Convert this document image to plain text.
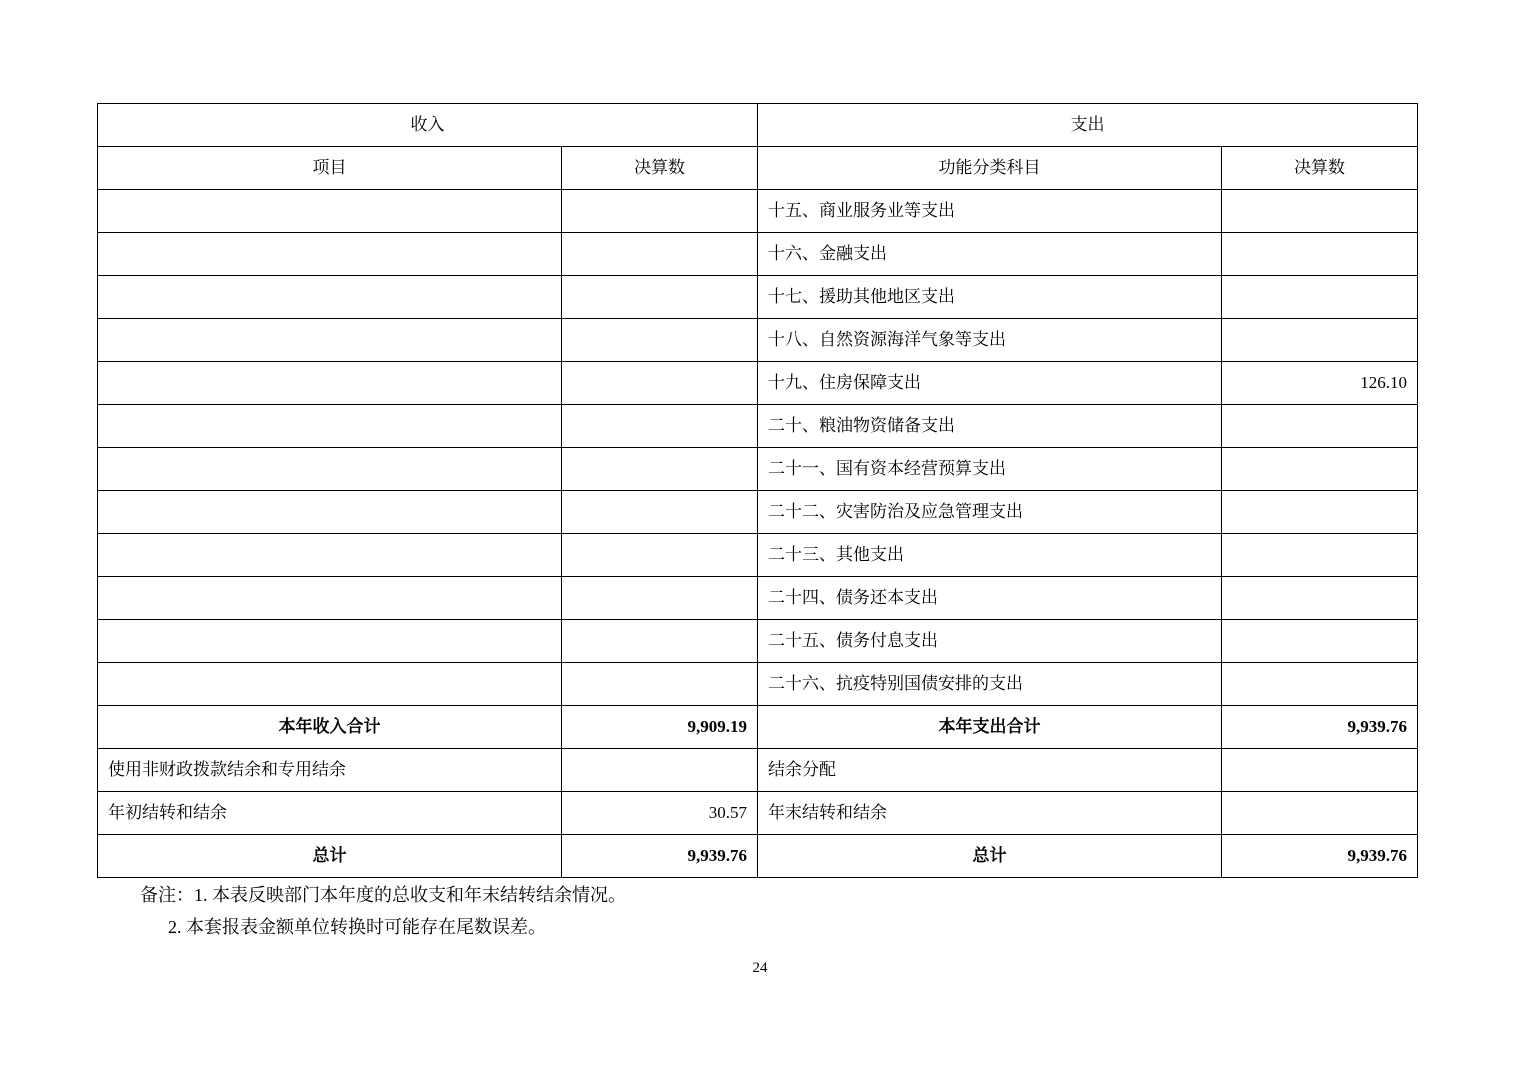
收入		支出	
项目	决算数	功能分类科目	决算数
		十五、商业服务业等支出	
		十六、金融支出	
		十七、援助其他地区支出	
		十八、自然资源海洋气象等支出	
		十九、住房保障支出	126.10
		二十、粮油物资储备支出	
		二十一、国有资本经营预算支出	
		二十二、灾害防治及应急管理支出	
		二十三、其他支出	
		二十四、债务还本支出	
		二十五、债务付息支出	
		二十六、抗疫特别国债安排的支出	
本年收入合计	9,909.19	本年支出合计	9,939.76
使用非财政拨款结余和专用结余		结余分配	
年初结转和结余	30.57	年末结转和结余	
总计	9,939.76	总计	9,939.76
备注：1. 本表反映部门本年度的总收支和年末结转结余情况。
2. 本套报表金额单位转换时可能存在尾数误差。
24
